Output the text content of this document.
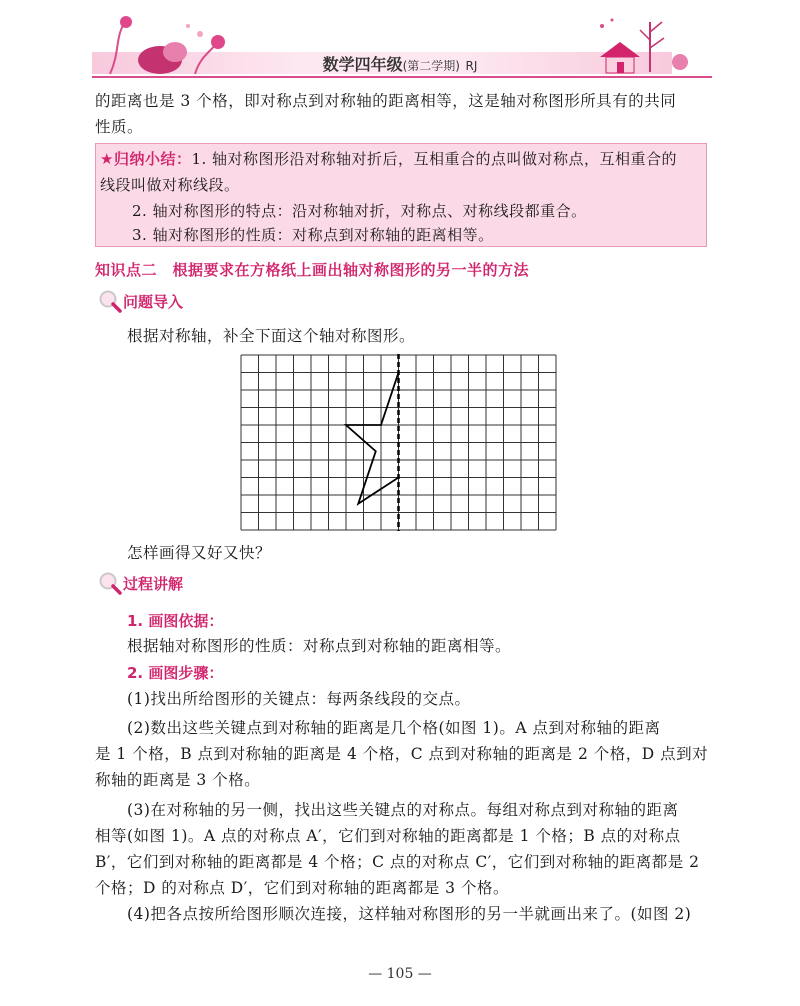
数学四年级(第二学期) RJ
的距离也是 3 个格，即对称点到对称轴的距离相等，这是轴对称图形所具有的共同
性质。
★归纳小结：1. 轴对称图形沿对称轴对折后，互相重合的点叫做对称点，互相重合的
线段叫做对称线段。
2. 轴对称图形的特点：沿对称轴对折，对称点、对称线段都重合。
3. 轴对称图形的性质：对称点到对称轴的距离相等。
知识点二　根据要求在方格纸上画出轴对称图形的另一半的方法
问题导入
根据对称轴，补全下面这个轴对称图形。
怎样画得又好又快？
过程讲解
1. 画图依据：
根据轴对称图形的性质：对称点到对称轴的距离相等。
2. 画图步骤：
(1)找出所给图形的关键点：每两条线段的交点。
(2)数出这些关键点到对称轴的距离是几个格(如图 1)。A 点到对称轴的距离
是 1 个格，B 点到对称轴的距离是 4 个格，C 点到对称轴的距离是 2 个格，D 点到对
称轴的距离是 3 个格。
(3)在对称轴的另一侧，找出这些关键点的对称点。每组对称点到对称轴的距离
相等(如图 1)。A 点的对称点 A′，它们到对称轴的距离都是 1 个格；B 点的对称点
B′，它们到对称轴的距离都是 4 个格；C 点的对称点 C′，它们到对称轴的距离都是 2
个格；D 的对称点 D′，它们到对称轴的距离都是 3 个格。
(4)把各点按所给图形顺次连接，这样轴对称图形的另一半就画出来了。(如图 2)
— 105 —
